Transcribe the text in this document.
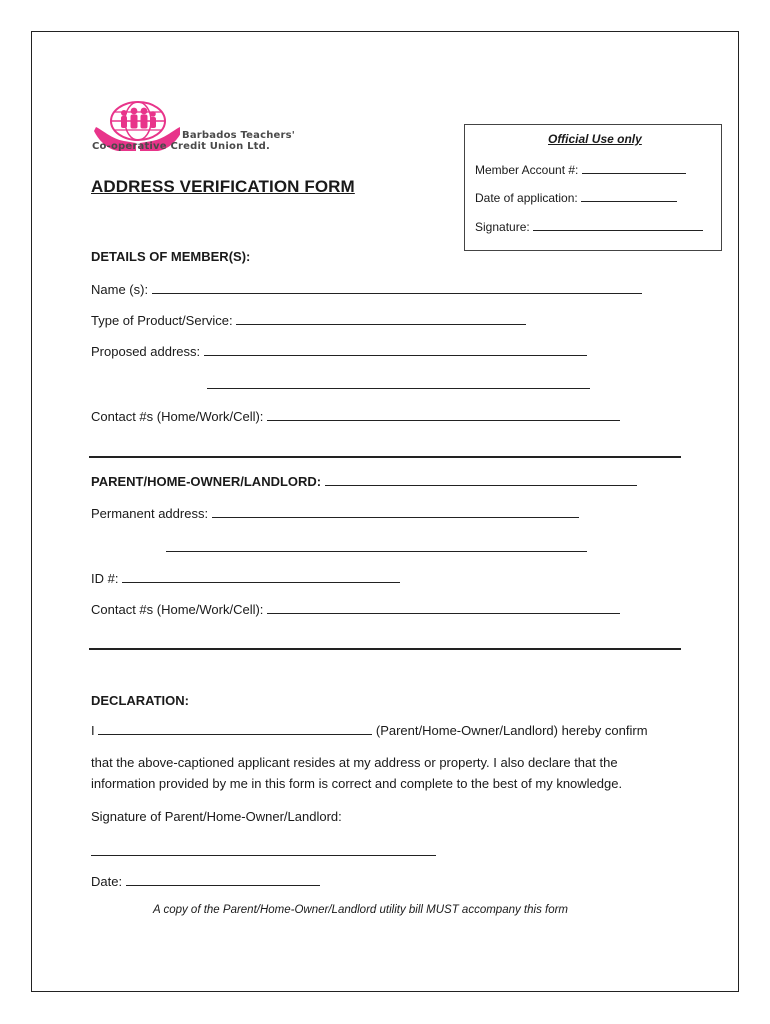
Barbados Teachers'
Co-operative Credit Union Ltd.
Official Use only
Member Account #:
Date of application:
Signature:
ADDRESS VERIFICATION FORM
DETAILS OF MEMBER(S):
Name (s):
Type of Product/Service:
Proposed address:
Contact #s (Home/Work/Cell):
PARENT/HOME-OWNER/LANDLORD:
Permanent address:
ID #:
Contact #s (Home/Work/Cell):
DECLARATION:
I	(Parent/Home-Owner/Landlord) hereby confirm
that the above-captioned applicant resides at my address or property. I also declare that the
information provided by me in this form is correct and complete to the best of my knowledge.
Signature of Parent/Home-Owner/Landlord:
Date:
A copy of the Parent/Home-Owner/Landlord utility bill MUST accompany this form
